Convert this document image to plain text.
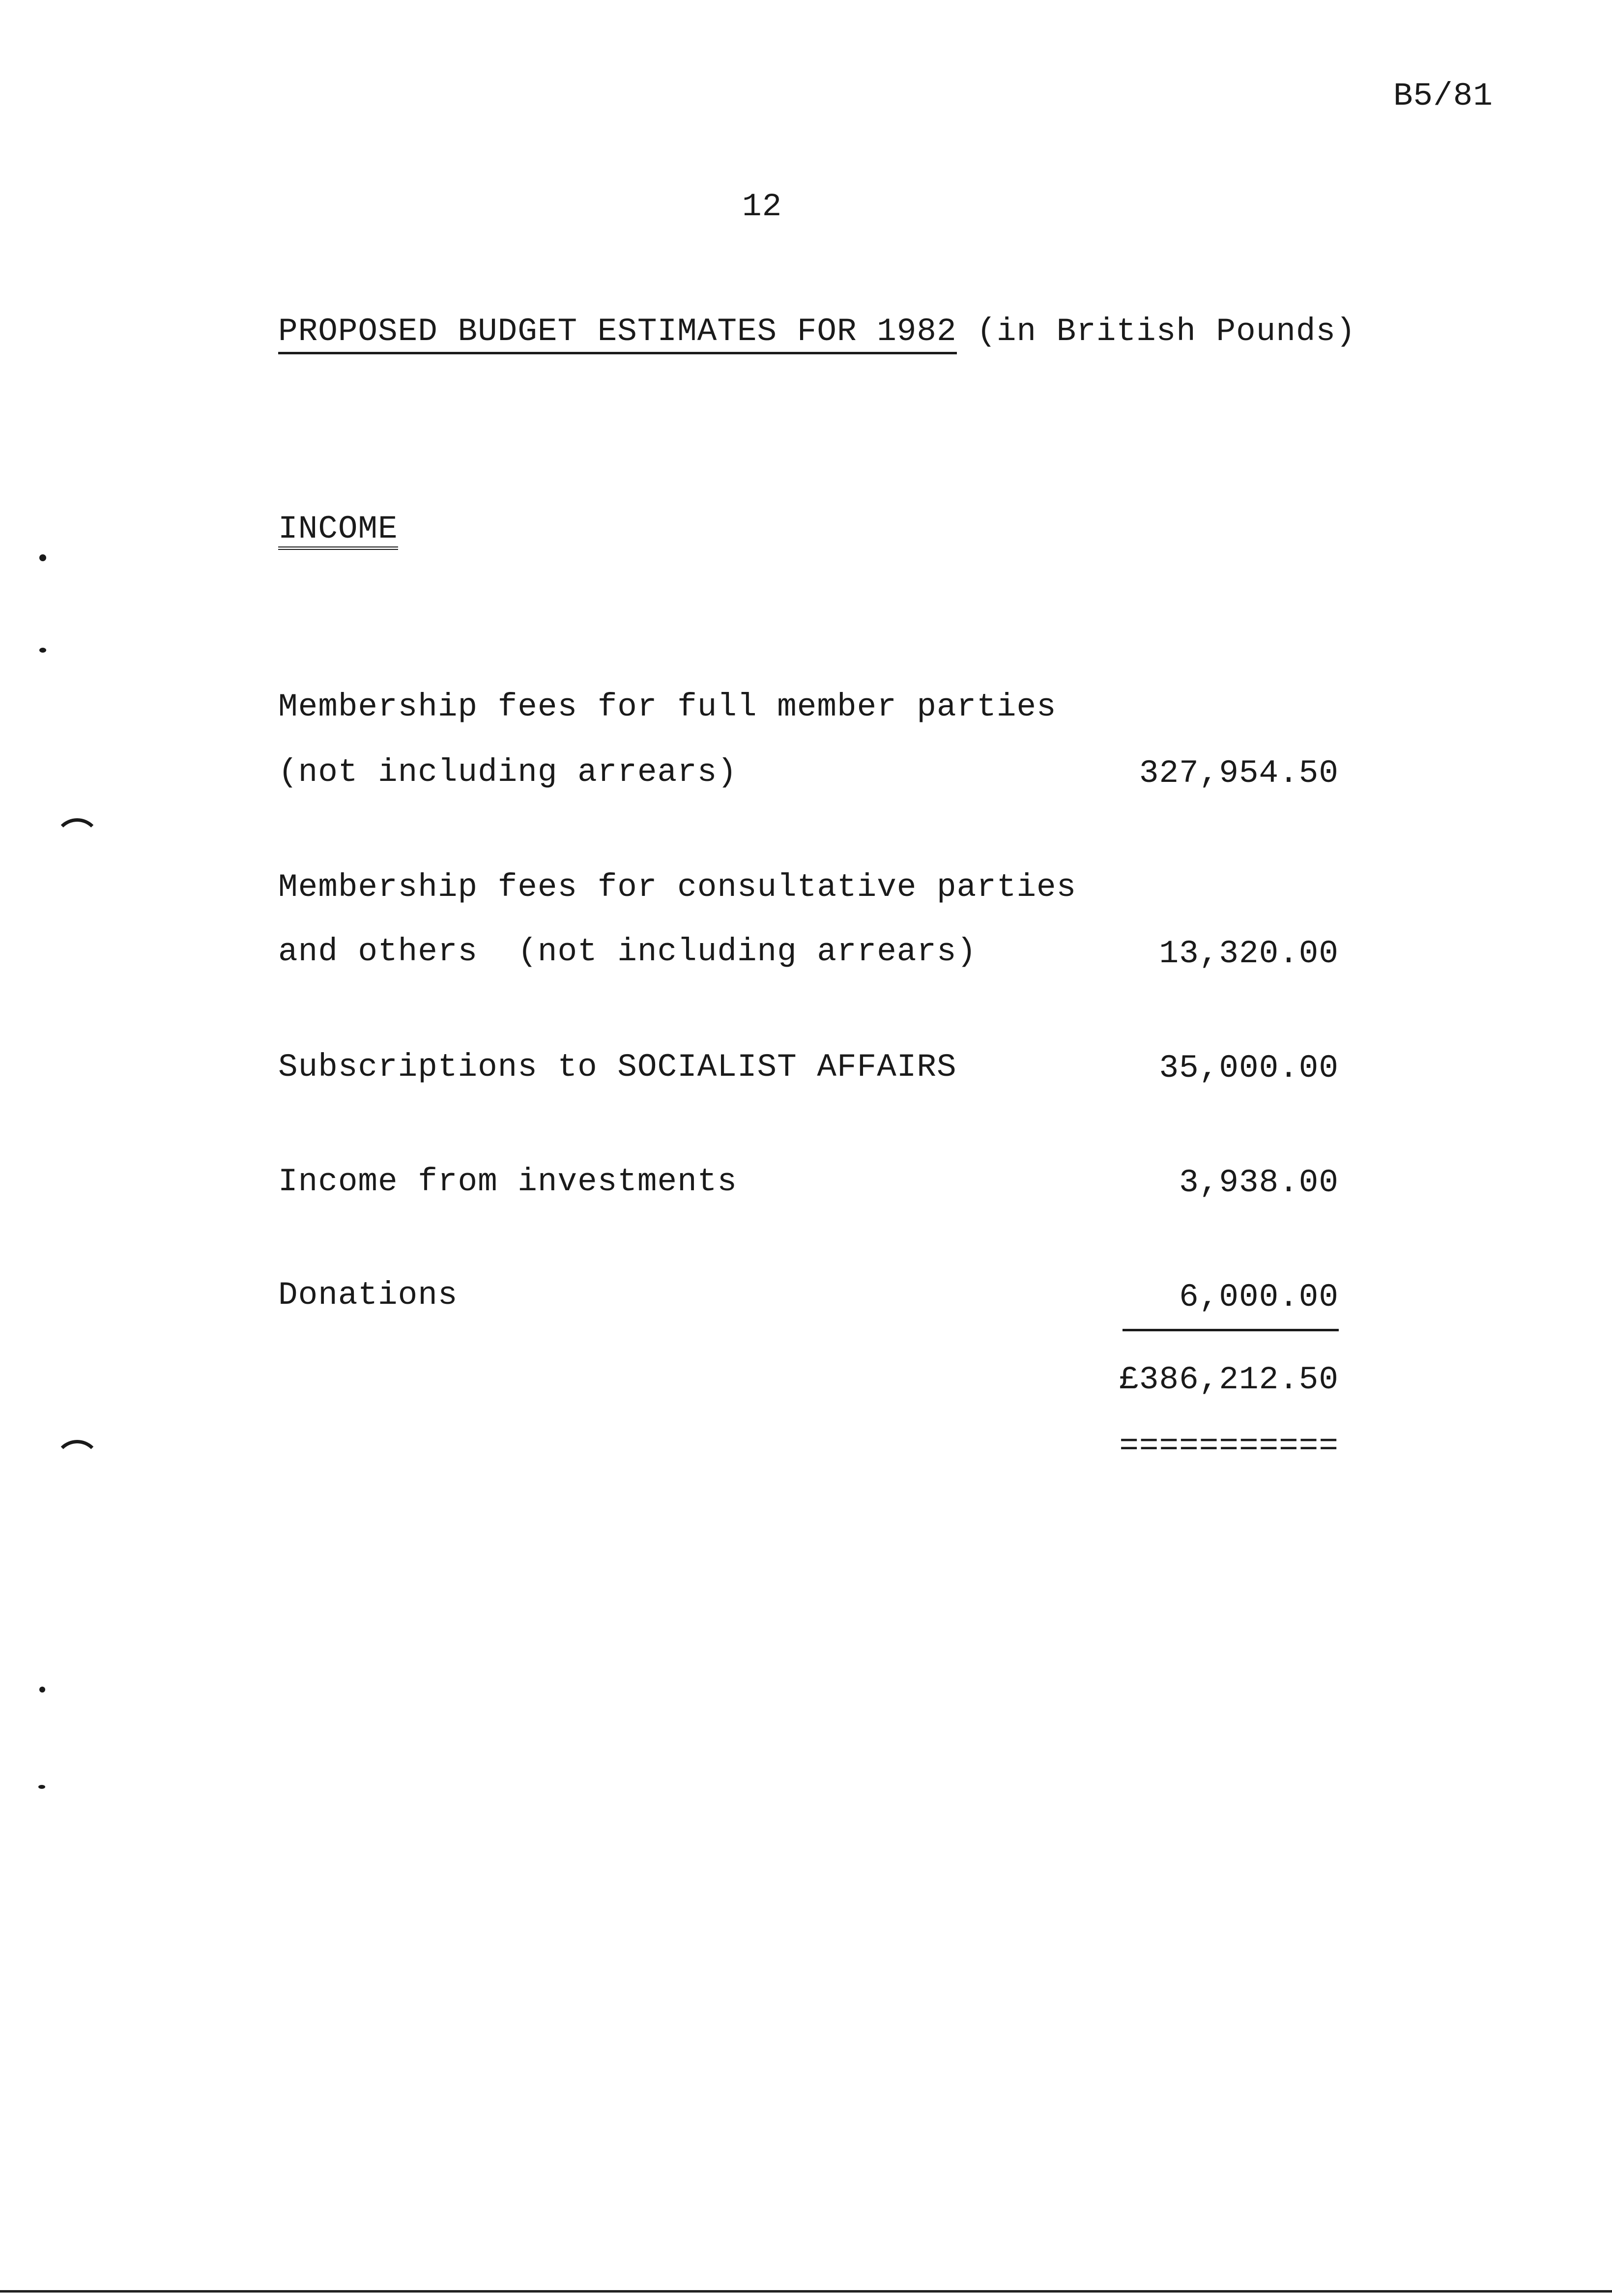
B5/81
12
PROPOSED BUDGET ESTIMATES FOR 1982 (in British Pounds)
INCOME
Membership fees for full member parties
(not including arrears)	327,954.50
Membership fees for consultative parties
and others  (not including arrears)	13,320.00
Subscriptions to SOCIALIST AFFAIRS	35,000.00
Income from investments	3,938.00
Donations	6,000.00
£386,212.50
===========
